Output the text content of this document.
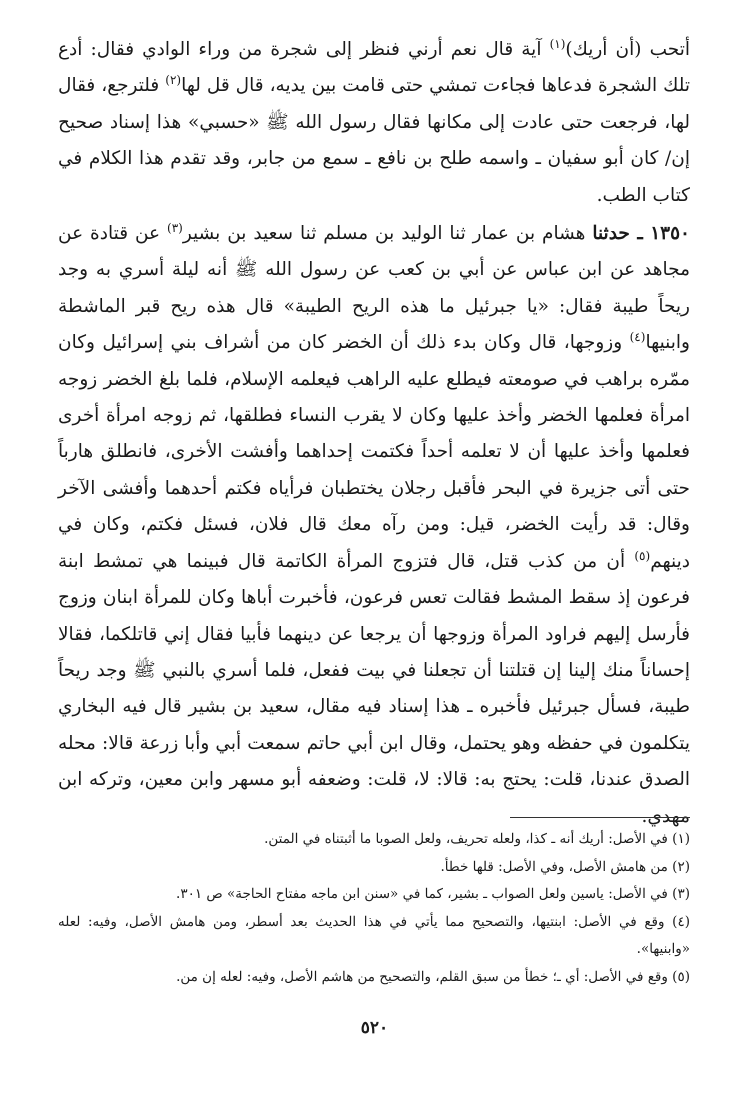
أتحب (أن أريك)$^{(١)}$ آية قال نعم أرني فنظر إلى شجرة من وراء الوادي فقال: أدع تلك الشجرة فدعاها فجاءت تمشي حتى قامت بين يديه، قال قل لها$^{(٢)}$ فلترجع، فقال لها، فرجعت حتى عادت إلى مكانها فقال رسول الله ﷺ «حسبي» هذا إسناد صحيح إن/ كان أبو سفيان ـ واسمه طلح بن نافع ـ سمع من جابر، وقد تقدم هذا الكلام في كتاب الطب.

١٣٥٠ ـ حدثنا هشام بن عمار ثنا الوليد بن مسلم ثنا سعيد بن بشير$^{(٣)}$ عن قتادة عن مجاهد عن ابن عباس عن أبي بن كعب عن رسول الله ﷺ أنه ليلة أسري به وجد ريحاً طيبة فقال: «يا جبرئيل ما هذه الريح الطيبة» قال هذه ريح قبر الماشطة وابنيها$^{(٤)}$ وزوجها، قال وكان بدء ذلك أن الخضر كان من أشراف بني إسرائيل وكان ممّره براهب في صومعته فيطلع عليه الراهب فيعلمه الإسلام، فلما بلغ الخضر زوجه امرأة فعلمها الخضر وأخذ عليها وكان لا يقرب النساء فطلقها، ثم زوجه امرأة أخرى فعلمها وأخذ عليها أن لا تعلمه أحداً فكتمت إحداهما وأفشت الأخرى، فانطلق هارباً حتى أتى جزيرة في البحر فأقبل رجلان يختطبان فرأياه فكتم أحدهما وأفشى الآخر وقال: قد رأيت الخضر، قيل: ومن رآه معك قال فلان، فسئل فكتم، وكان في دينهم$^{(٥)}$ أن من كذب قتل، قال فتزوج المرأة الكاتمة قال فبينما هي تمشط ابنة فرعون إذ سقط المشط فقالت تعس فرعون، فأخبرت أباها وكان للمرأة ابنان وزوج فأرسل إليهم فراود المرأة وزوجها أن يرجعا عن دينهما فأبيا فقال إني قاتلكما، فقالا إحساناً منك إلينا إن قتلتنا أن تجعلنا في بيت ففعل، فلما أسري بالنبي ﷺ وجد ريحاً طيبة، فسأل جبرئيل فأخبره ـ هذا إسناد فيه مقال، سعيد بن بشير قال فيه البخاري يتكلمون في حفظه وهو يحتمل، وقال ابن أبي حاتم سمعت أبي وأبا زرعة قالا: محله الصدق عندنا، قلت: يحتج به: قالا: لا، قلت: وضعفه أبو مسهر وابن معين، وتركه ابن مهدي.

(١) في الأصل: أريك أنه ـ كذا، ولعله تحريف، ولعل الصوبا ما أثبتناه في المتن.

(٢) من هامش الأصل، وفي الأصل: قلها خطأ.

(٣) في الأصل: ياسين ولعل الصواب ـ بشير، كما في «سنن ابن ماجه مفتاح الحاجة» ص ٣٠١.

(٤) وقع في الأصل: ابنتيها، والتصحيح مما يأتي في هذا الحديث بعد أسطر، ومن هامش الأصل، وفيه: لعله «وابنيها».

(٥) وقع في الأصل: أي ـ؛ خطأ من سبق القلم، والتصحيح من هاشم الأصل، وفيه: لعله إن من.

٥٢٠
